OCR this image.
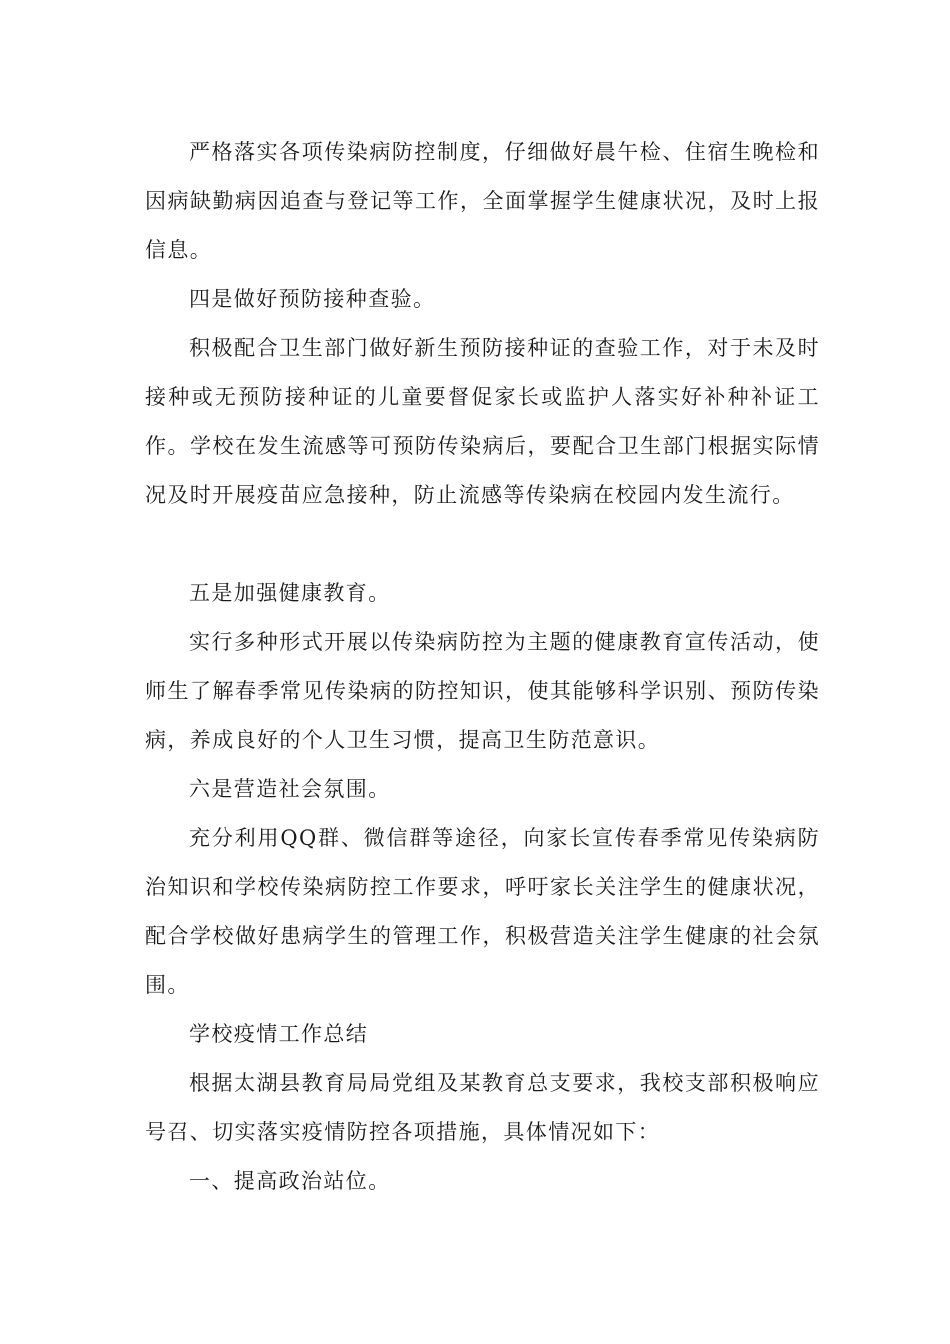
严格落实各项传染病防控制度，仔细做好晨午检、住宿生晚检和因病缺勤病因追查与登记等工作，全面掌握学生健康状况，及时上报信息。

四是做好预防接种查验。

积极配合卫生部门做好新生预防接种证的查验工作，对于未及时接种或无预防接种证的儿童要督促家长或监护人落实好补种补证工作。学校在发生流感等可预防传染病后，要配合卫生部门根据实际情况及时开展疫苗应急接种，防止流感等传染病在校园内发生流行。

五是加强健康教育。

实行多种形式开展以传染病防控为主题的健康教育宣传活动，使师生了解春季常见传染病的防控知识，使其能够科学识别、预防传染病，养成良好的个人卫生习惯，提高卫生防范意识。

六是营造社会氛围。

充分利用QQ群、微信群等途径，向家长宣传春季常见传染病防治知识和学校传染病防控工作要求，呼吁家长关注学生的健康状况，配合学校做好患病学生的管理工作，积极营造关注学生健康的社会氛围。

学校疫情工作总结

根据太湖县教育局局党组及某教育总支要求，我校支部积极响应号召、切实落实疫情防控各项措施，具体情况如下：

一、提高政治站位。
